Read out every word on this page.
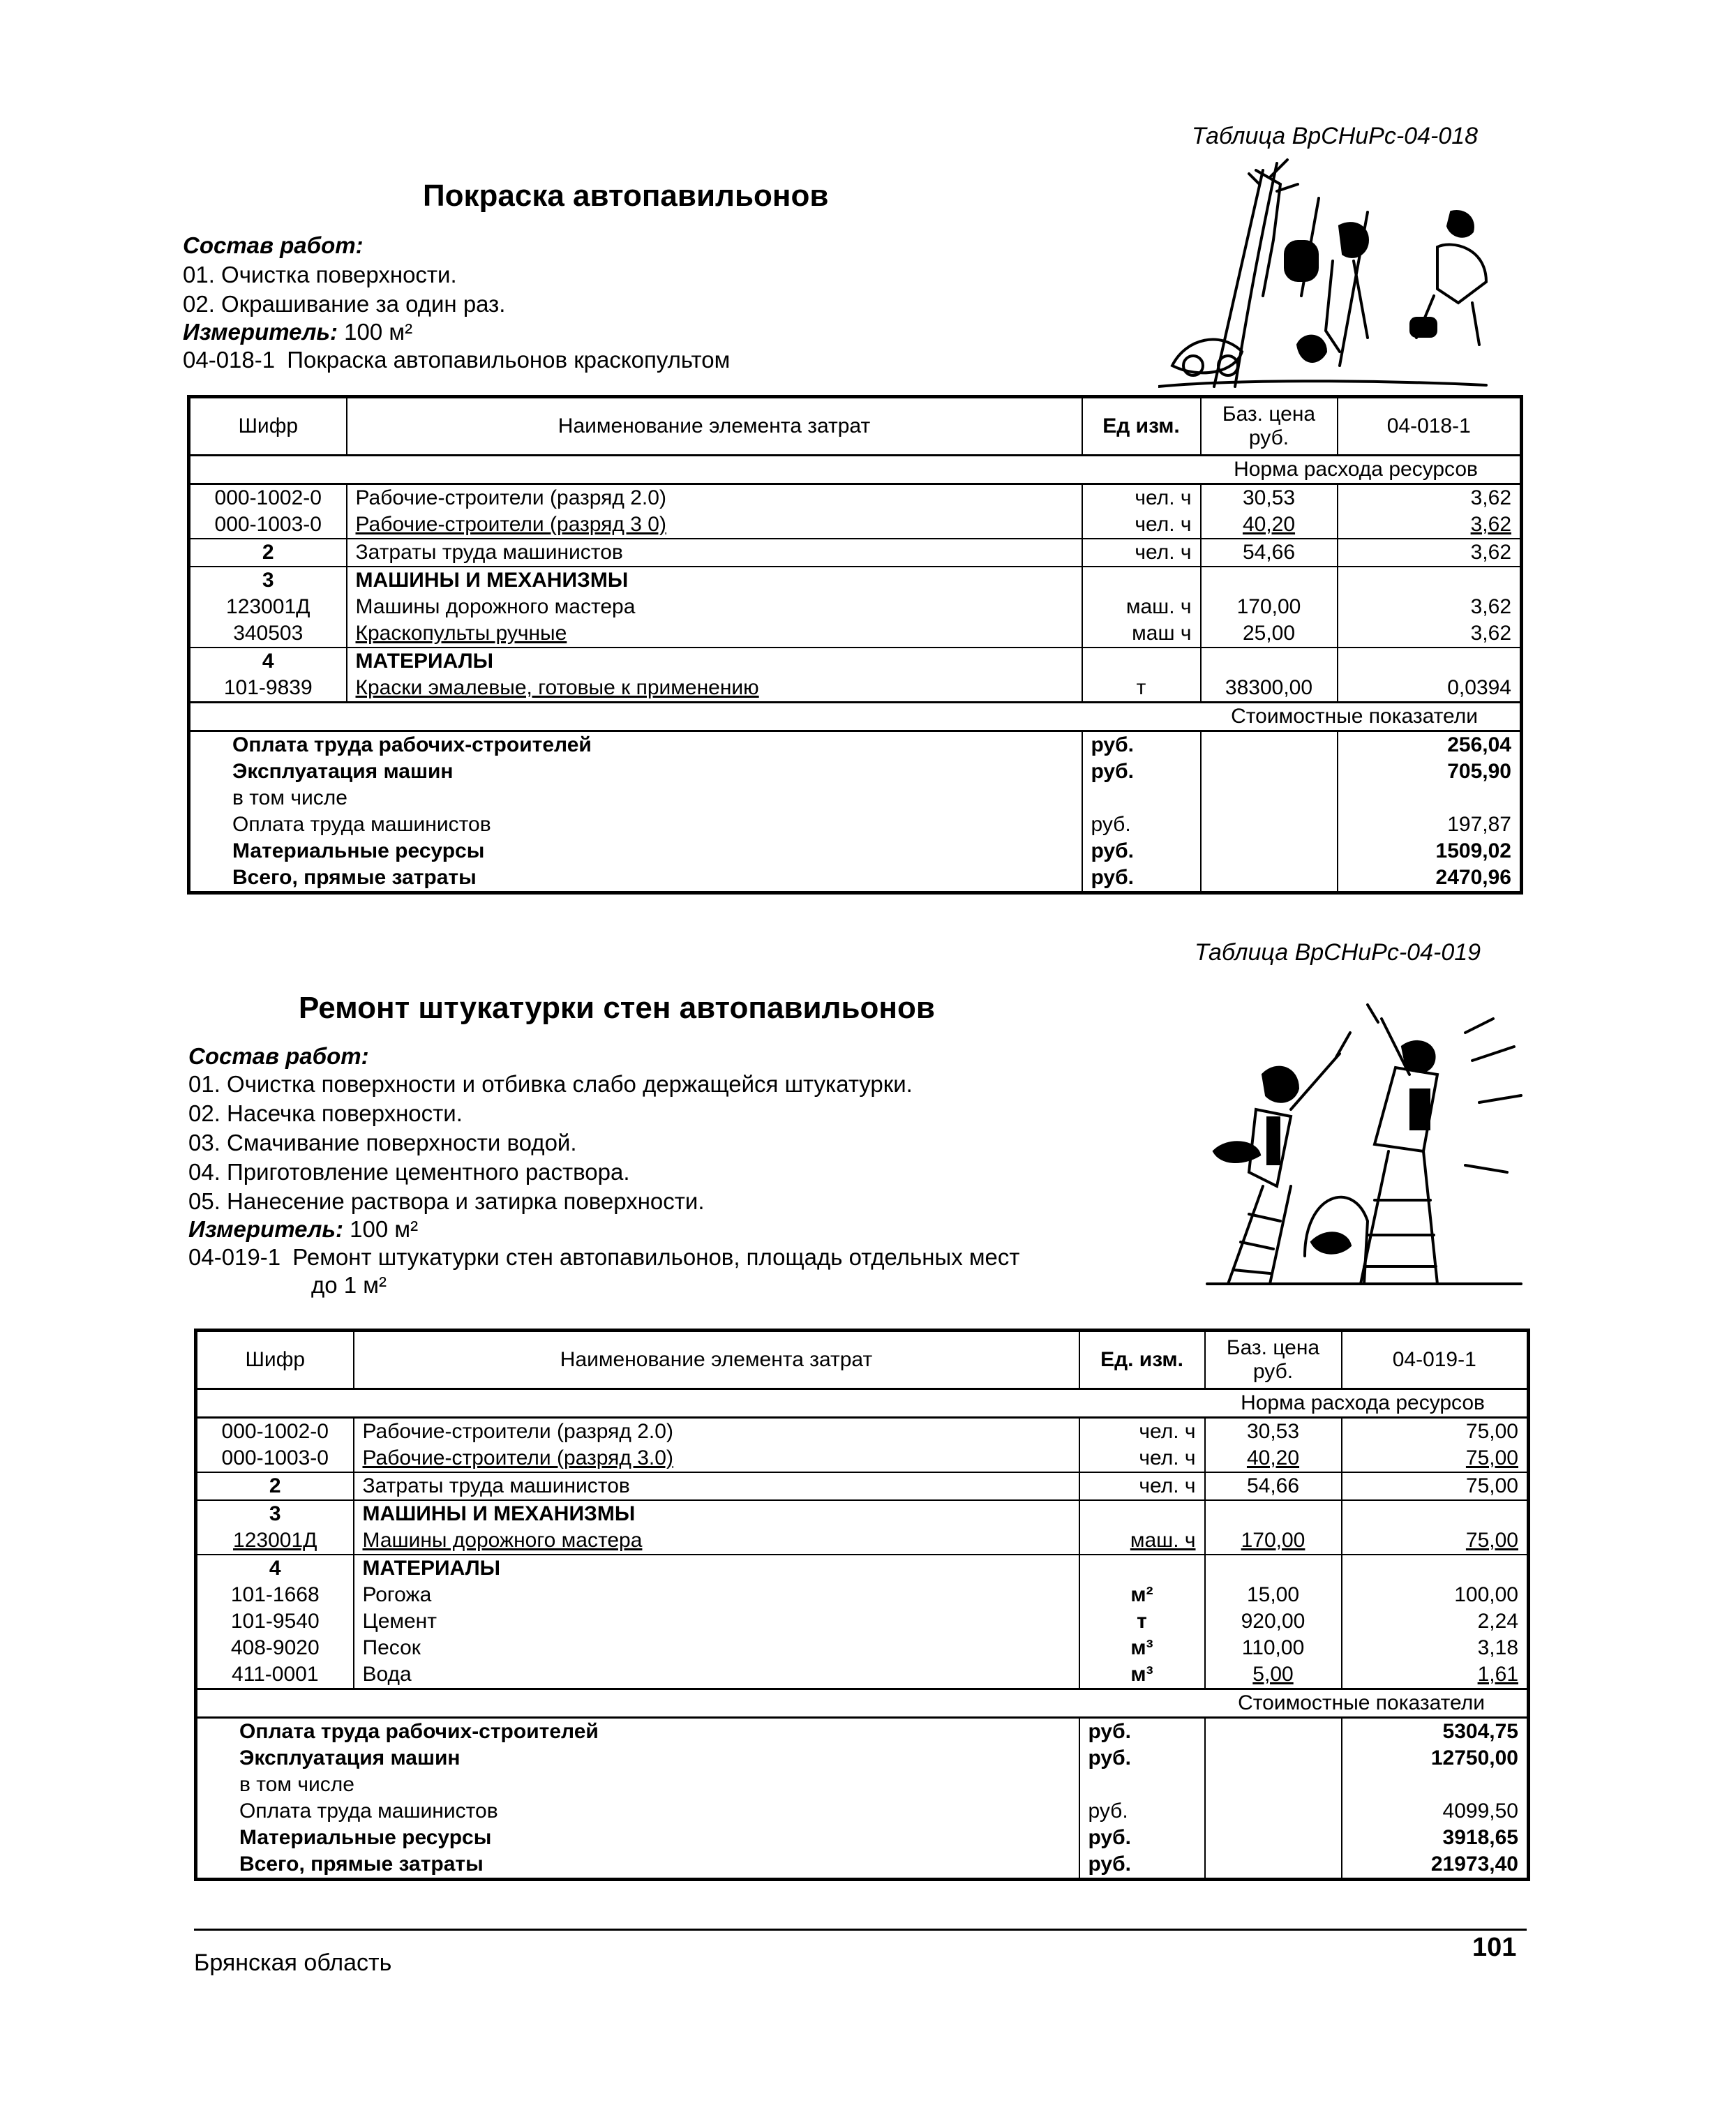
Таблица ВрСНиРс-04-018
Покраска автопавильонов
Состав работ:
01. Очистка поверхности.
02. Окрашивание за один раз.
Измеритель: 100 м²
04-018-1 Покраска автопавильонов краскопультом
Шифр	Наименование элемента затрат	Ед изм.	Баз. цена руб.	04-018-1
Норма расхода ресурсов				
000-1002-0	Рабочие-строители (разряд 2.0)	чел. ч	30,53	3,62
000-1003-0	Рабочие-строители (разряд 3 0)	чел. ч	40,20	3,62
2	Затраты труда машинистов	чел. ч	54,66	3,62
3	МАШИНЫ И МЕХАНИЗМЫ			
123001Д	Машины дорожного мастера	маш. ч	170,00	3,62
340503	Краскопульты ручные	маш ч	25,00	3,62
4	МАТЕРИАЛЫ			
101-9839	Краски эмалевые, готовые к применению	т	38300,00	0,0394
Стоимостные показатели				
Оплата труда рабочих-строителей		руб.		256,04
Эксплуатация машин		руб.		705,90
в том числе				
Оплата труда машинистов		руб.		197,87
Материальные ресурсы		руб.		1509,02
Всего, прямые затраты		руб.		2470,96
Таблица ВрСНиРс-04-019
Ремонт штукатурки стен автопавильонов
Состав работ:
01. Очистка поверхности и отбивка слабо держащейся штукатурки.
02. Насечка поверхности.
03. Смачивание поверхности водой.
04. Приготовление цементного раствора.
05. Нанесение раствора и затирка поверхности.
Измеритель: 100 м²
04-019-1 Ремонт штукатурки стен автопавильонов, площадь отдельных мест
до 1 м²
Шифр	Наименование элемента затрат	Ед. изм.	Баз. цена руб.	04-019-1
Норма расхода ресурсов				
000-1002-0	Рабочие-строители (разряд 2.0)	чел. ч	30,53	75,00
000-1003-0	Рабочие-строители (разряд 3.0)	чел. ч	40,20	75,00
2	Затраты труда машинистов	чел. ч	54,66	75,00
3	МАШИНЫ И МЕХАНИЗМЫ			
123001Д	Машины дорожного мастера	маш. ч	170,00	75,00
4	МАТЕРИАЛЫ			
101-1668	Рогожа	м²	15,00	100,00
101-9540	Цемент	т	920,00	2,24
408-9020	Песок	м³	110,00	3,18
411-0001	Вода	м³	5,00	1,61
Стоимостные показатели				
Оплата труда рабочих-строителей		руб.		5304,75
Эксплуатация машин		руб.		12750,00
в том числе				
Оплата труда машинистов		руб.		4099,50
Материальные ресурсы		руб.		3918,65
Всего, прямые затраты		руб.		21973,40
Брянская область
101
